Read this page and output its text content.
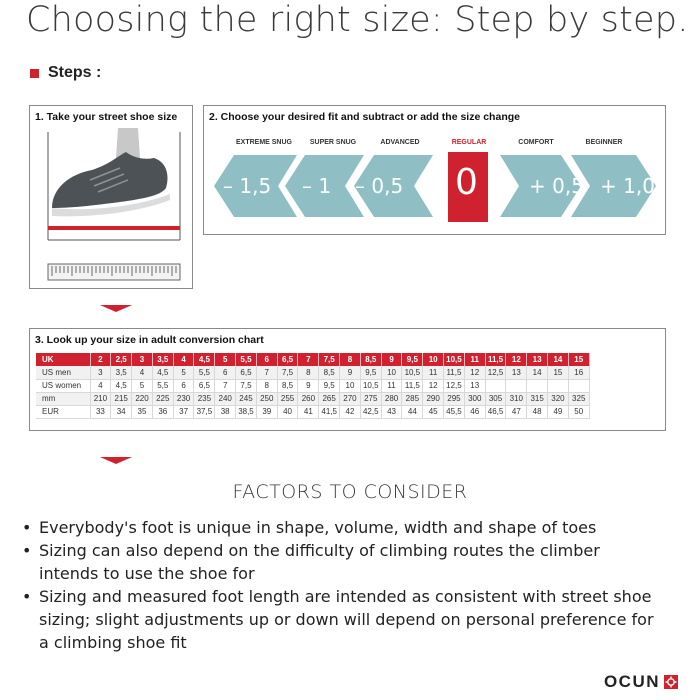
Choosing the right size: Step by step.
Steps :
1. Take your street shoe size	2. Choose your desired fit and subtract or add the size change
EXTREME SNUG	SUPER SNUG	ADVANCED	REGULAR	COMFORT	BEGINNER
– 1,5 – 1 – 0,5 0	+ 0,5 + 1,0
3. Look up your size in adult conversion chart
UK	2	2,5	3	3,5	4	4,5	5	5,5	6	6,5	7	7,5	8	8,5	9	9,5	10	10,5	11	11,5	12	13	14	15
US men	3	3,5	4	4,5	5	5,5	6	6,5	7	7,5	8	8,5	9	9,5	10	10,5	11	11,5	12	12,5	13	14	15	16
US women	4	4,5	5	5,5	6	6,5	7	7,5	8	8,5	9	9,5	10	10,5	11	11,5	12	12,5	13					
mm	210	215	220	225	230	235	240	245	250	255	260	265	270	275	280	285	290	295	300	305	310	315	320	325
EUR	33	34	35	36	37	37,5	38	38,5	39	40	41	41,5	42	42,5	43	44	45	45,5	46	46,5	47	48	49	50
FACTORS TO CONSIDER
• Everybody's foot is unique in shape, volume, width and shape of toes
• Sizing can also depend on the difficulty of climbing routes the climber intends to use the shoe for
• Sizing and measured foot length are intended as consistent with street shoe sizing; slight adjustments up or down will depend on personal preference for a climbing shoe fit
OCUN
